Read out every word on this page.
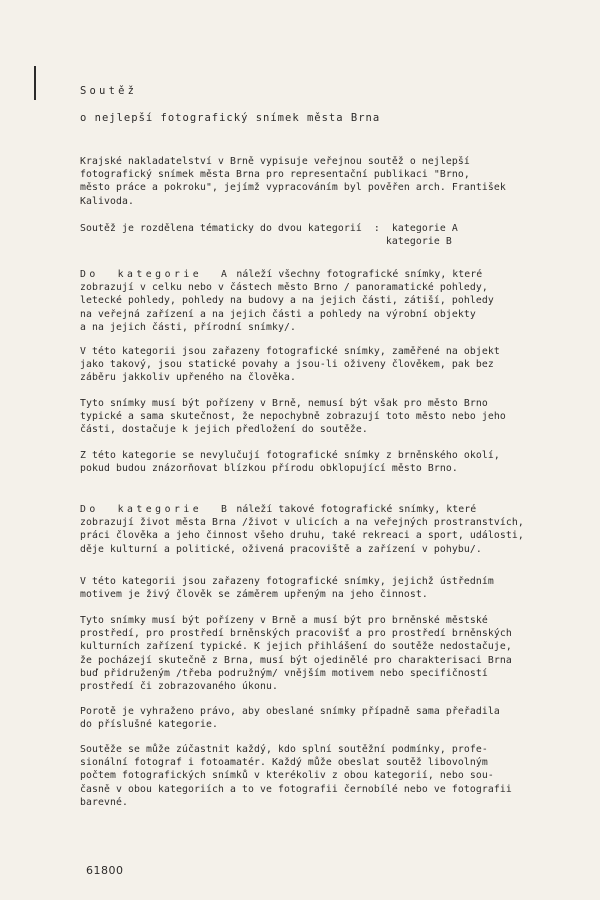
Soutěž
o nejlepší fotografický snímek města Brna

Krajské nakladatelství v Brně vypisuje veřejnou soutěž o nejlepší
fotografický snímek města Brna pro representační publikaci "Brno,
město práce a pokroku", jejímž vypracováním byl pověřen arch. František
Kalivoda.

Soutěž je rozdělena tématicky do dvou kategorií  :  kategorie A
kategorie B

Do  kategorie  A náleží všechny fotografické snímky, které
zobrazují v celku nebo v částech město Brno / panoramatické pohledy,
letecké pohledy, pohledy na budovy a na jejich části, zátiší, pohledy
na veřejná zařízení a na jejich části a pohledy na výrobní objekty
a na jejich části, přírodní snímky/.

V této kategorii jsou zařazeny fotografické snímky, zaměřené na objekt
jako takový, jsou statické povahy a jsou-li oživeny člověkem, pak bez
záběru jakkoliv upřeného na člověka.

Tyto snímky musí být pořízeny v Brně, nemusí být však pro město Brno
typické a sama skutečnost, že nepochybně zobrazují toto město nebo jeho
části, dostačuje k jejich předložení do soutěže.

Z této kategorie se nevylučují fotografické snímky z brněnského okolí,
pokud budou znázorňovat blízkou přírodu obklopující město Brno.

Do  kategorie  B náleží takové fotografické snímky, které
zobrazují život města Brna /život v ulicích a na veřejných prostranstvích,
práci člověka a jeho činnost všeho druhu, také rekreaci a sport, události,
děje kulturní a politické, oživená pracoviště a zařízení v pohybu/.

V této kategorii jsou zařazeny fotografické snímky, jejichž ústředním
motivem je živý člověk se záměrem upřeným na jeho činnost.

Tyto snímky musí být pořízeny v Brně a musí být pro brněnské městské
prostředí, pro prostředí brněnských pracovišť a pro prostředí brněnských
kulturních zařízení typické. K jejich přihlášení do soutěže nedostačuje,
že pocházejí skutečně z Brna, musí být ojedinělé pro charakterisaci Brna
buď přidruženým /třeba podružným/ vnějším motivem nebo specifičností
prostředí či zobrazovaného úkonu.

Porotě je vyhraženo právo, aby obeslané snímky případně sama přeřadila
do příslušné kategorie.

Soutěže se může zúčastnit každý, kdo splní soutěžní podmínky, profe-
sionální fotograf i fotoamatér. Každý může obeslat soutěž libovolným
počtem fotografických snímků v kterékoliv z obou kategorií, nebo sou-
časně v obou kategoriích a to ve fotografii černobílé nebo ve fotografii
barevné.

61800
